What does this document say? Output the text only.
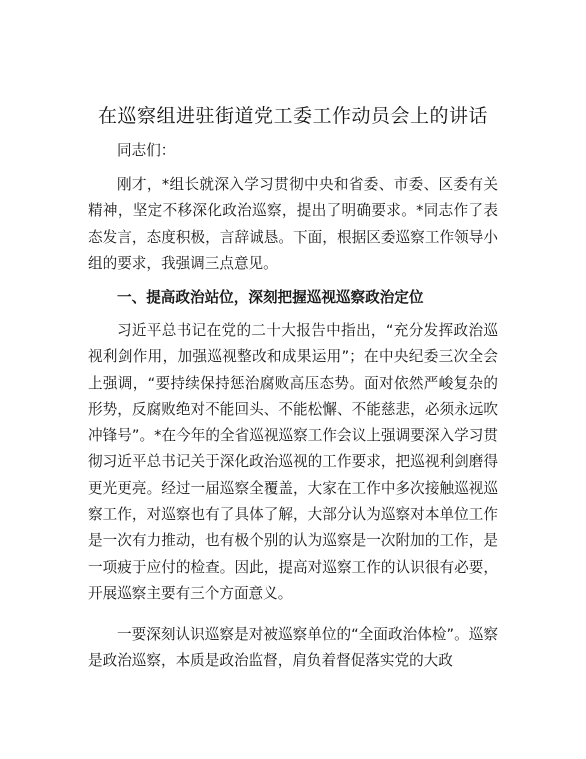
在巡察组进驻街道党工委工作动员会上的讲话
同志们：
刚才，*组长就深入学习贯彻中央和省委、市委、区委有关精神，坚定不移深化政治巡察，提出了明确要求。*同志作了表态发言，态度积极，言辞诚恳。下面，根据区委巡察工作领导小组的要求，我强调三点意见。
一、提高政治站位，深刻把握巡视巡察政治定位
习近平总书记在党的二十大报告中指出，“充分发挥政治巡视利剑作用，加强巡视整改和成果运用”；在中央纪委三次全会上强调，“要持续保持惩治腐败高压态势。面对依然严峻复杂的形势，反腐败绝对不能回头、不能松懈、不能慈悲，必须永远吹冲锋号”。*在今年的全省巡视巡察工作会议上强调要深入学习贯彻习近平总书记关于深化政治巡视的工作要求，把巡视利剑磨得更光更亮。经过一届巡察全覆盖，大家在工作中多次接触巡视巡察工作，对巡察也有了具体了解，大部分认为巡察对本单位工作是一次有力推动，也有极个别的认为巡察是一次附加的工作，是一项疲于应付的检查。因此，提高对巡察工作的认识很有必要，开展巡察主要有三个方面意义。
一要深刻认识巡察是对被巡察单位的“全面政治体检”。巡察是政治巡察，本质是政治监督，肩负着督促落实党的大政
